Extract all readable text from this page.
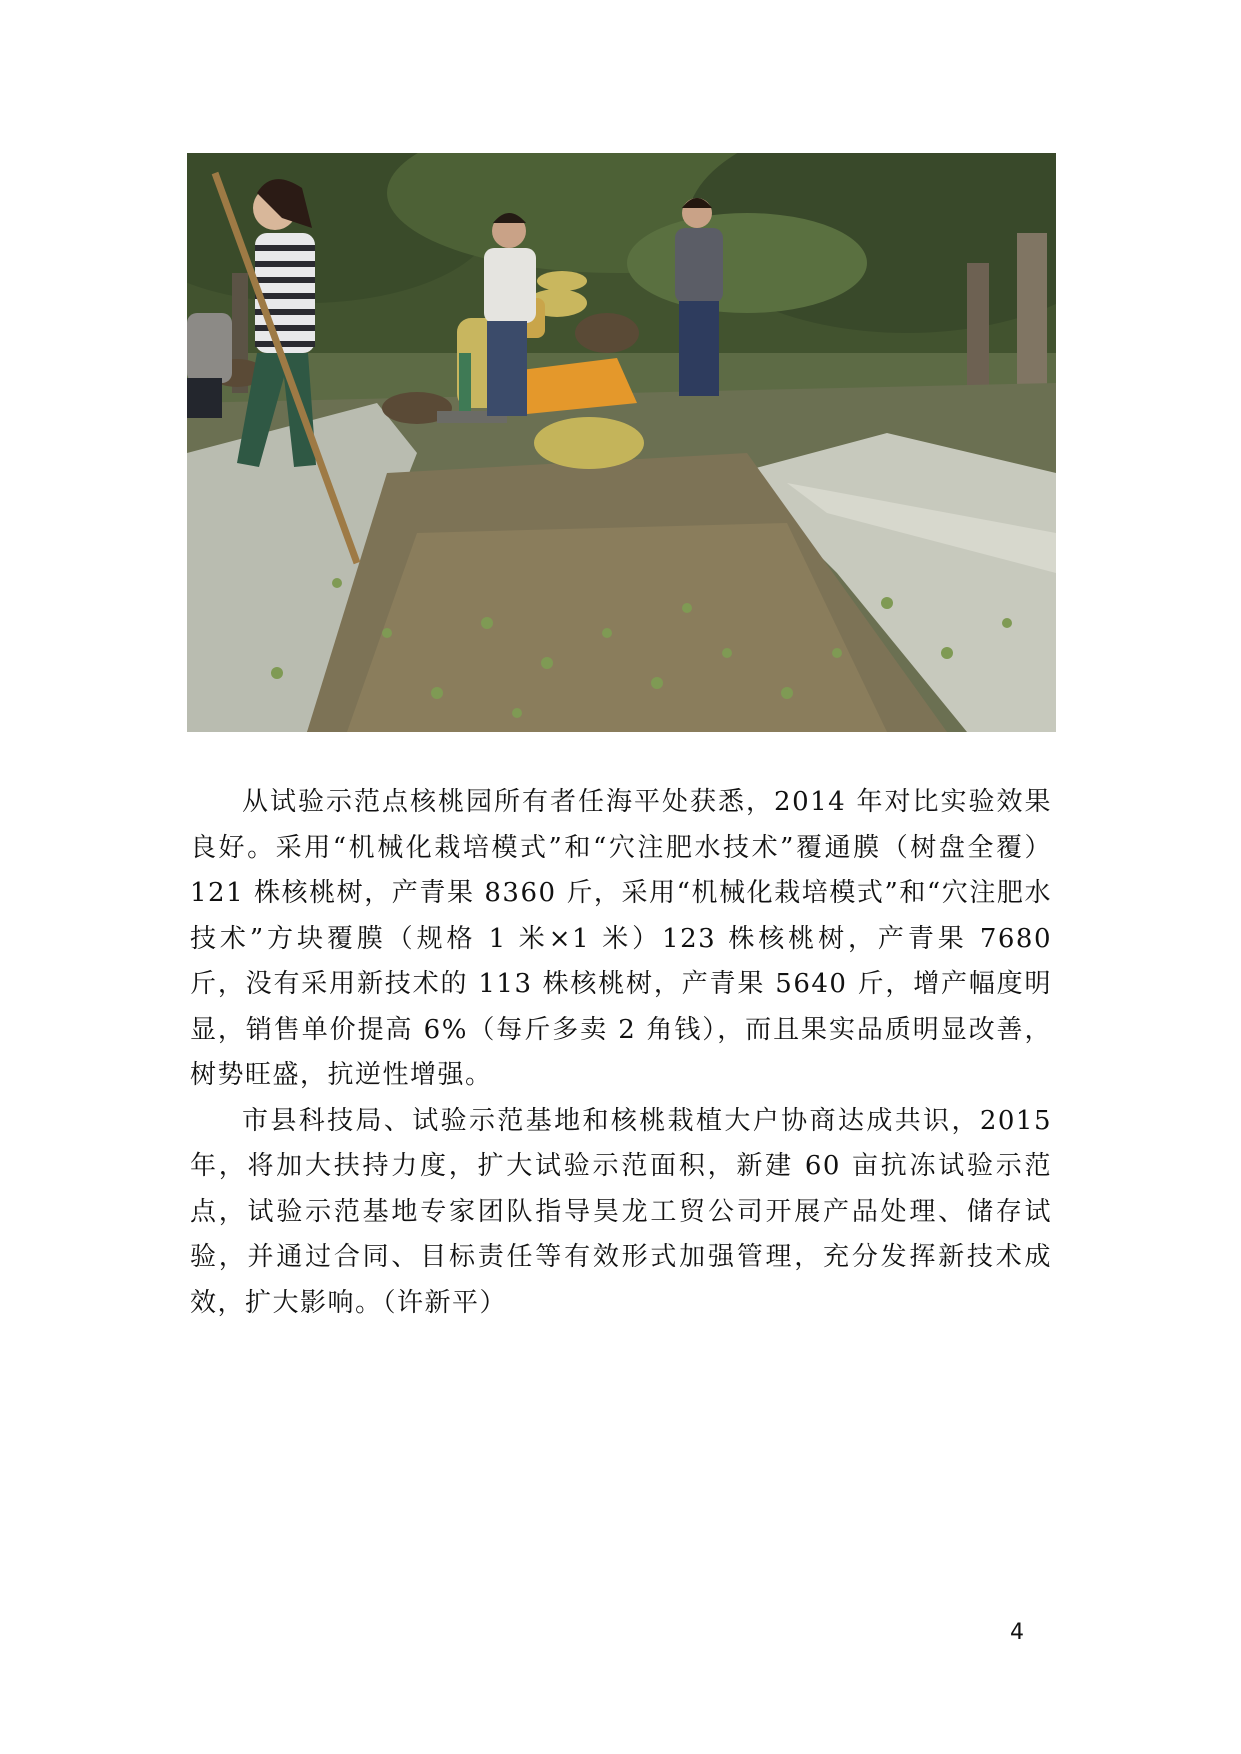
从试验示范点核桃园所有者任海平处获悉，2014 年对比实验效果良好。采用“机械化栽培模式”和“穴注肥水技术”覆通膜（树盘全覆）121 株核桃树，产青果 8360 斤，采用“机械化栽培模式”和“穴注肥水技术”方块覆膜（规格 1 米×1 米）123 株核桃树，产青果 7680 斤，没有采用新技术的 113 株核桃树，产青果 5640 斤，增产幅度明显，销售单价提高 6%（每斤多卖 2 角钱），而且果实品质明显改善，树势旺盛，抗逆性增强。

市县科技局、试验示范基地和核桃栽植大户协商达成共识，2015 年，将加大扶持力度，扩大试验示范面积，新建 60 亩抗冻试验示范点，试验示范基地专家团队指导昊龙工贸公司开展产品处理、储存试验，并通过合同、目标责任等有效形式加强管理，充分发挥新技术成效，扩大影响。（许新平）

4
